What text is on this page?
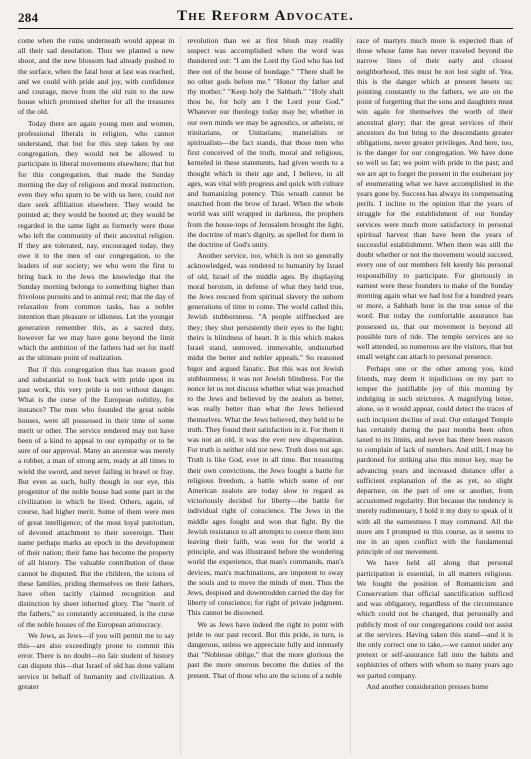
284	The Reform Advocate.

come when the ruins underneath would appear in all their sad desolation. Thus we planted a new shoot, and the new blossom had already pushed to the surface, when the fatal hour at last was reached, and we could with pride and joy, with confidence and courage, move from the old ruin to the new house which promised shelter for all the treasures of the old.

Today there are again young men and women, professional liberals in religion, who cannot understand, that but for this step taken by our congregation, they would not be allowed to participate in liberal movements elsewhere; that but for this congregation, that made the Sunday morning the day of religious and moral instruction, even they who spurn to be with us here, could not dare seek affiliation elsewhere. They would be pointed at; they would be hooted at; they would be regarded in the same light as formerly were those who left the community of their ancestral religion. If they are tolerated, nay, encouraged today, they owe it to the men of our congregation, to the leaders of our society; we who were the first to bring back to the Jews the knowledge that the Sunday morning belongs to something higher than frivolous pursuits and to animal rest; that the day of relaxation from common tasks, has a nobler intention than pleasure or idleness. Let the younger generation remember this, as a sacred duty, however far we may have gone beyond the limit which the ambition of the fathers had set for itself as the ultimate point of realization.

But if this congregation thus has reason good and substantial to look back with pride upon its past work, this very pride is not without danger. What is the curse of the European nobility, for instance? The men who founded the great noble houses, were all possessed in their time of some merit or other. The service rendered may not have been of a kind to appeal to our sympathy or to be sure of our approval. Many an ancestor was merely a robber, a man of strong arm, ready at all times to wield the sword, and never failing in brawl or fray. But even as such, bully though in our eye, this progenitor of the noble house had some part in the civilization in which he lived. Others, again, of course, had higher merit. Some of them were men of great intelligence; of the most loyal patriotism, of devoted attachment to their sovereign. Their name perhaps marks an epoch in the development of their nation; their fame has become the property of all history. The valuable contribution of these cannot be disputed. But the children, the scions of these families, priding themselves on their fathers, have often tacitly claimed recognition and distinction by sheer inherited glory. The "merit of the fathers," so constantly accentuated, is the curse of the noble houses of the European aristocracy.

We Jews, as Jews—if you will permit me to say this—are also exceedingly prone to commit this error. There is no doubt—no fair student of history can dispute this—that Israel of old has done valiant service in behalf of humanity and civilization. A greater

revolution than we at first blush may readily suspect was accomplished when the word was thundered out: "I am the Lord thy God who has led thee out of the house of bondage." "There shall be no other gods before me." "Honor thy father and thy mother." "Keep holy the Sabbath." "Holy shalt thou be, for holy am I the Lord your God." Whatever our theology today may be; whether in our own minds we may be agnostics, or atheists, or trinitarians, or Unitarians; materialists or spiritualists—the fact stands, that those men who first conceived of the truth, moral and religious, kerneled in these statements, had given words to a thought which in their age and, I believe, in all ages, was vital with progress and quick with culture and humanizing potency. This wreath cannot be snatched from the brow of Israel. When the whole world was still wrapped in darkness, the prophets from the house-tops of Jerusalem brought the light, the doctrine of man's dignity, as spelled for them in the doctrine of God's unity.

Another service, too, which is not so generally acknowledged, was rendered to humanity by Israel of old, Israel of the middle ages. By displaying moral heroism, in defense of what they held true, the Jews rescued from spiritual slavery the unborn generations of time to come. The world called this, Jewish stubbornness. "A people stiffnecked are they; they shut persistently their eyes to the light; theirs is blindness of heart. It is this which makes Israel stand, unmoved, immovable, undisturbed midst the better and nobler appeals." So reasoned bigot and argued fanatic. But this was not Jewish stubbornness; it was not Jewish blindness. For the nonce let us not discuss whether what was preached to the Jews and believed by the zealots as better, was really better than what the Jews believed themselves. What the Jews believed, they held to be truth. They found their satisfaction in it. For them it was not an old, it was the ever new dispensation. For truth is neither old nor new. Truth does not age. Truth is like God, ever in all time. But treasuring their own convictions, the Jews fought a battle for religious freedom, a battle which some of our American zealots are today slow to regard as victoriously decided for liberty—the battle for individual right of conscience. The Jews in the middle ages fought and won that fight. By the Jewish resistance to all attempts to coerce them into leaving their faith, was won for the world a principle, and was illustrated before the wondering world the experience, that man's commands, man's devices, man's machinations, are impotent to sway the souls and to move the minds of men. Thus the Jews, despised and downtrodden carried the day for liberty of conscience; for right of private judgment. This cannot be disowned.

We as Jews have indeed the right to point with pride to our past record. But this pride, in turn, is dangerous, unless we appreciate fully and intensely that "Noblesse oblige," that the more glorious the past the more onerous become the duties of the present. That of those who are the scions of a noble

race of martyrs much more is expected than of those whose fame has never traveled beyond the narrow lines of their early and closest neighborhood, this must be not lost sight of. Yea, this is the danger which at present besets us; pointing constantly to the fathers, we are on the point of forgetting that the sons and daughters must win again for themselves the worth of their ancestral glory; that the great services of their ancestors do but bring to the descendants greater obligations, never greater privileges. And here, too, is the danger for our congregation. We have done so well so far; we point with pride to the past; and we are apt to forget the present in the exuberant joy of enumerating what we have accomplished in the years gone by. Success has always its compensating perils. I incline to the opinion that the years of struggle for the establishment of our Sunday services were much more satisfactory in personal spiritual harvest than have been the years of successful establishment. When there was still the doubt whether or not the movement would succeed, every one of our members felt keenly his personal responsibility to participate. For gloriously in earnest were these founders to make of the Sunday morning again what we had lost for a hundred years or more, a Sabbath hour in the true sense of the word. But today the comfortable assurance has possessed us, that our movement is beyond all possible turn of tide. The temple services are so well attended, so numerous are the visitors, that but small weight can attach to personal presence.

Perhaps one or the other among you, kind friends, may deem it injudicious on my part to temper the justifiable joy of this morning by indulging in such strictures. A magnifying lense, alone, so it would appear, could detect the traces of such incipient decline of zeal. Our enlarged Temple has certainly during the past months been often taxed to its limits, and never has there been reason to complain of lack of numbers. And still, I may be pardoned for striking also this minor key, may be advancing years and increased distance offer a sufficient explanation of the as yet, so slight departure, on the part of one or another, from accustomed regularity. But because the tendency is merely rudimentary, I hold it my duty to speak of it with all the earnestness I may command. All the more am I prompted to this course, as it seems to me in an open conflict with the fundamental principle of our movement.

We have held all along that personal participation is essential, in all matters religious. We fought the position of Romanticism and Conservatism that official sanctification sufficed and was obligatory, regardless of the circumstance which could not be changed, that personally and publicly most of our congregations could not assist at the services. Having taken this stand—and it is the only correct one to take,—we cannot under any pretext or self-assurance fall into the habits and sophistries of others with whom so many years ago we parted company.

And another consideration presses home
